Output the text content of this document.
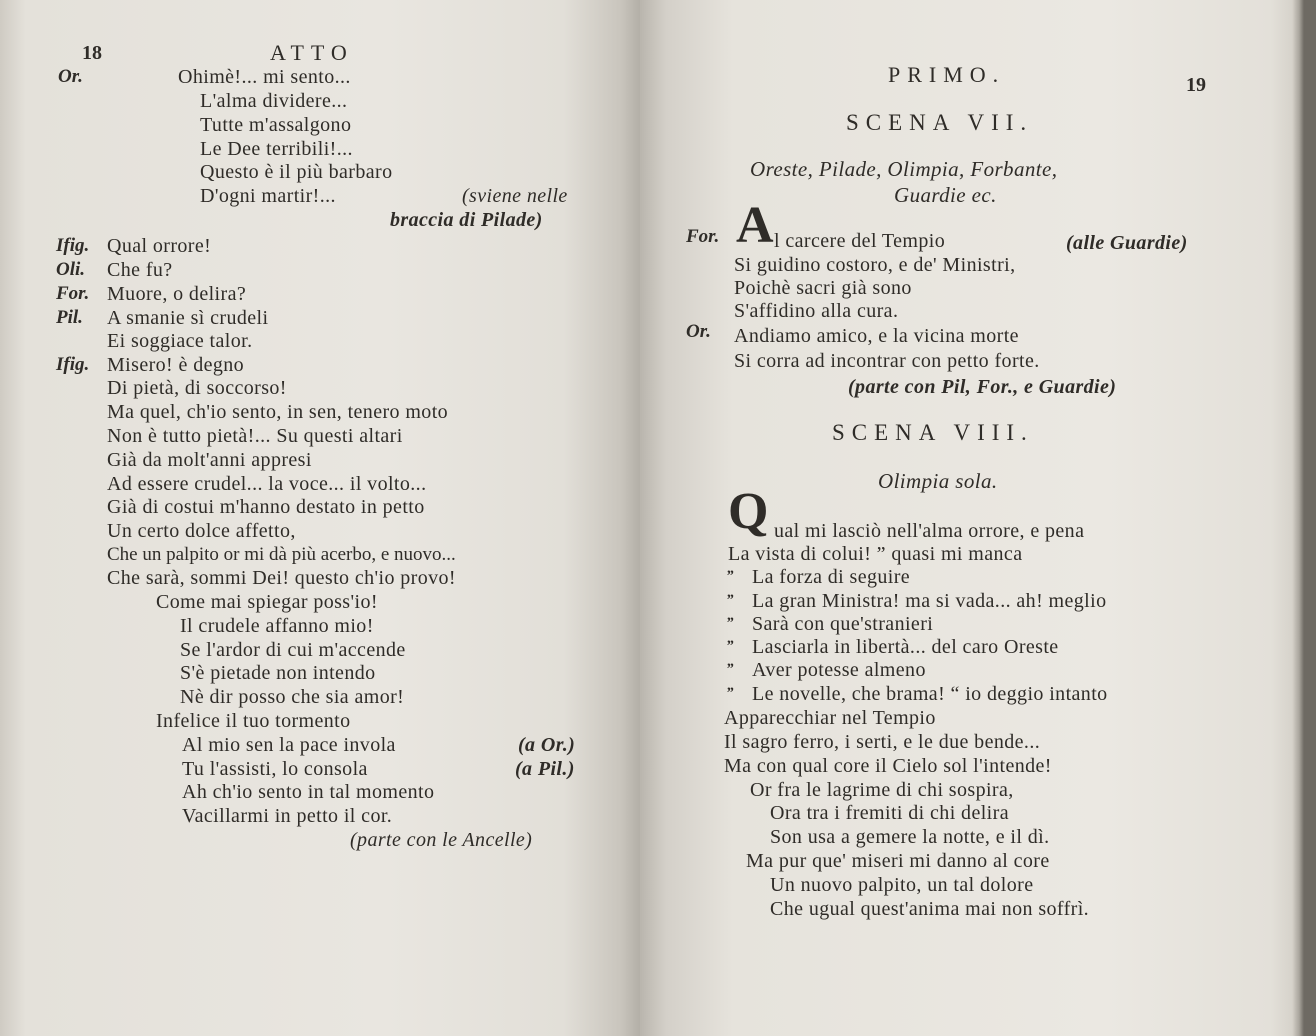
18	ATTO
Or.	Ohimè!... mi sento...
L'alma dividere...
Tutte m'assalgono
Le Dee terribili!...
Questo è il più barbaro
D'ogni martir!...	(sviene nelle
braccia di Pilade)
Ifig. Qual orrore!
Oli. Che fu?
For. Muore, o delira?
Pil. A smanie sì crudeli
Ei soggiace talor.
Ifig. Misero! è degno
Di pietà, di soccorso!
Ma quel, ch'io sento, in sen, tenero moto
Non è tutto pietà!... Su questi altari
Già da molt'anni appresi
Ad essere crudel... la voce... il volto...
Già di costui m'hanno destato in petto
Un certo dolce affetto,
Che un palpito or mi dà più acerbo, e nuovo...
Che sarà, sommi Dei! questo ch'io provo!
Come mai spiegar poss'io!
Il crudele affanno mio!
Se l'ardor di cui m'accende
S'è pietade non intendo
Nè dir posso che sia amor!
Infelice il tuo tormento
Al mio sen la pace invola	(a Or.)
Tu l'assisti, lo consola	(a Pil.)
Ah ch'io sento in tal momento
Vacillarmi in petto il cor.
(parte con le Ancelle)
PRIMO.	19
SCENA VII.
Oreste, Pilade, Olimpia, Forbante,
Guardie ec.
For. A l carcere del Tempio	(alle Guardie)
Si guidino costoro, e de' Ministri,
Poichè sacri già sono
S'affidino alla cura.
Or. Andiamo amico, e la vicina morte
Si corra ad incontrar con petto forte.
(parte con Pil, For., e Guardie)
SCENA VIII.
Olimpia sola.
Q ual mi lasciò nell'alma orrore, e pena
La vista di colui! ” quasi mi manca
” La forza di seguire
” La gran Ministra! ma si vada... ah! meglio
” Sarà con que'stranieri
” Lasciarla in libertà... del caro Oreste
” Aver potesse almeno
” Le novelle, che brama! “ io deggio intanto
Apparecchiar nel Tempio
Il sagro ferro, i serti, e le due bende...
Ma con qual core il Cielo sol l'intende!
Or fra le lagrime di chi sospira,
Ora tra i fremiti di chi delira
Son usa a gemere la notte, e il dì.
Ma pur que' miseri mi danno al core
Un nuovo palpito, un tal dolore
Che ugual quest'anima mai non soffrì.
